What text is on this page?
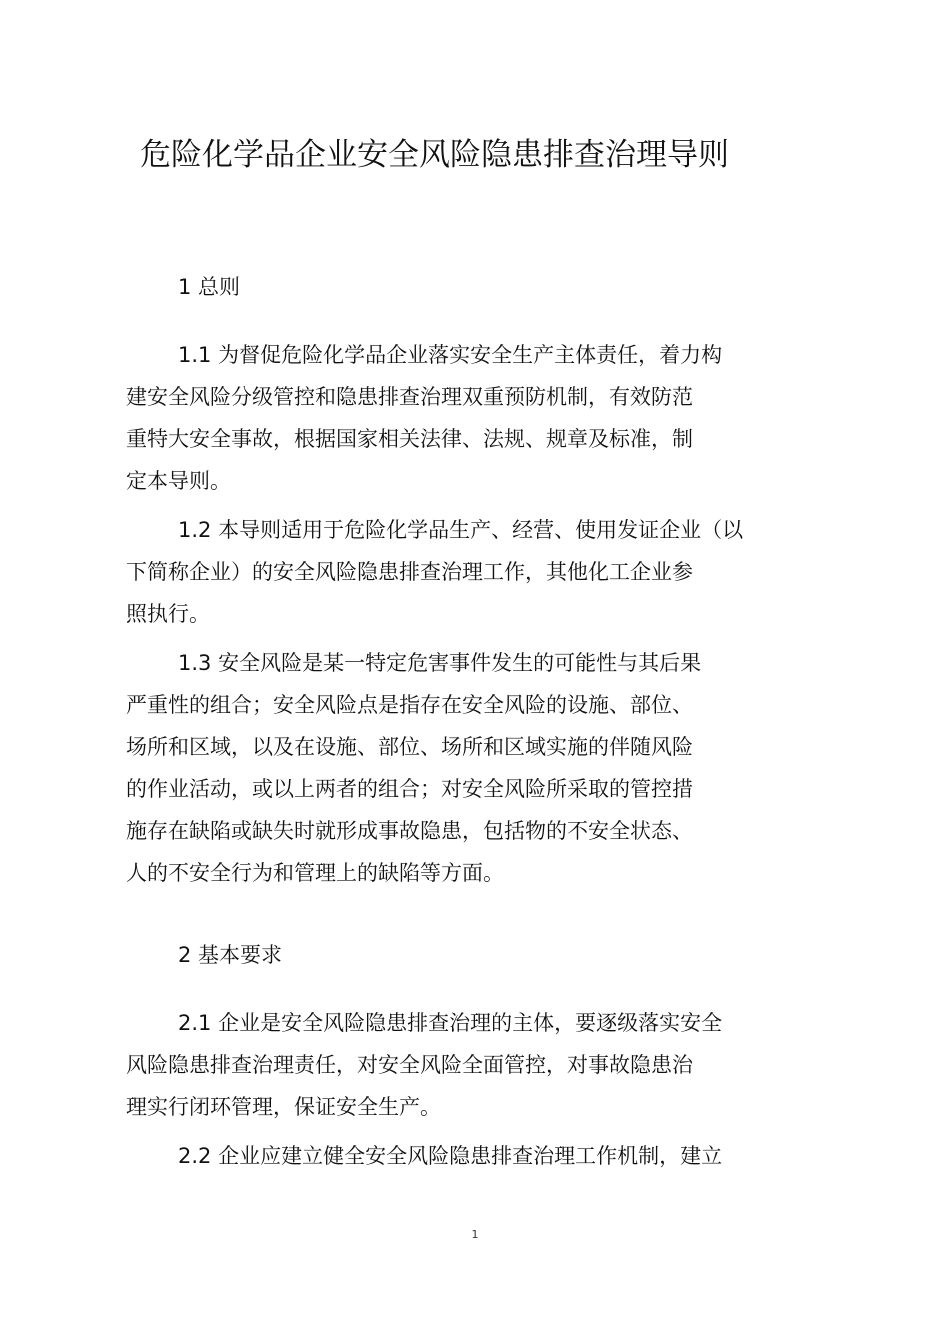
危险化学品企业安全风险隐患排查治理导则
1 总则
1.1 为督促危险化学品企业落实安全生产主体责任，着力构
建安全风险分级管控和隐患排查治理双重预防机制，有效防范
重特大安全事故，根据国家相关法律、法规、规章及标准，制
定本导则。
1.2 本导则适用于危险化学品生产、经营、使用发证企业（以
下简称企业）的安全风险隐患排查治理工作，其他化工企业参
照执行。
1.3 安全风险是某一特定危害事件发生的可能性与其后果
严重性的组合；安全风险点是指存在安全风险的设施、部位、
场所和区域，以及在设施、部位、场所和区域实施的伴随风险
的作业活动，或以上两者的组合；对安全风险所采取的管控措
施存在缺陷或缺失时就形成事故隐患，包括物的不安全状态、
人的不安全行为和管理上的缺陷等方面。
2 基本要求
2.1 企业是安全风险隐患排查治理的主体，要逐级落实安全
风险隐患排查治理责任，对安全风险全面管控，对事故隐患治
理实行闭环管理，保证安全生产。
2.2 企业应建立健全安全风险隐患排查治理工作机制，建立
1
